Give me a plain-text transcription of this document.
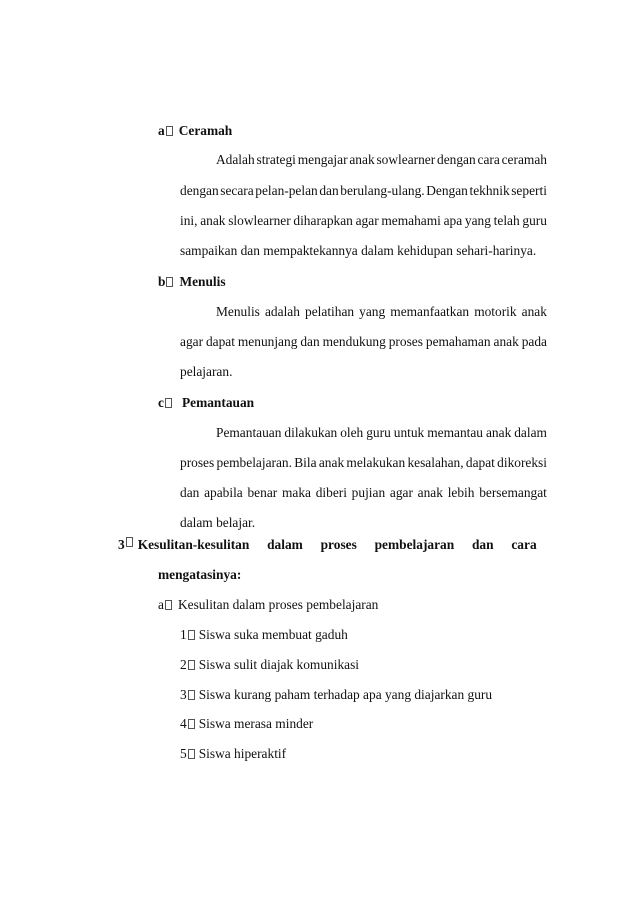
a Ceramah
Adalah strategi mengajar anak sowlearner dengan cara ceramah
dengan secara pelan-pelan dan berulang-ulang. Dengan tekhnik seperti
ini, anak slowlearner diharapkan agar memahami apa yang telah guru
sampaikan dan mempaktekannya dalam kehidupan sehari-harinya.
b Menulis
Menulis adalah pelatihan yang memanfaatkan motorik anak
agar dapat menunjang dan mendukung proses pemahaman anak pada
pelajaran.
c Pemantauan
Pemantauan dilakukan oleh guru untuk memantau anak dalam
proses pembelajaran. Bila anak melakukan kesalahan, dapat dikoreksi
dan apabila benar maka diberi pujian agar anak lebih bersemangat
dalam belajar.
3 Kesulitan-kesulitan dalam proses pembelajaran dan cara
mengatasinya:
a Kesulitan dalam proses pembelajaran
1 Siswa suka membuat gaduh
2 Siswa sulit diajak komunikasi
3 Siswa kurang paham terhadap apa yang diajarkan guru
4 Siswa merasa minder
5 Siswa hiperaktif
